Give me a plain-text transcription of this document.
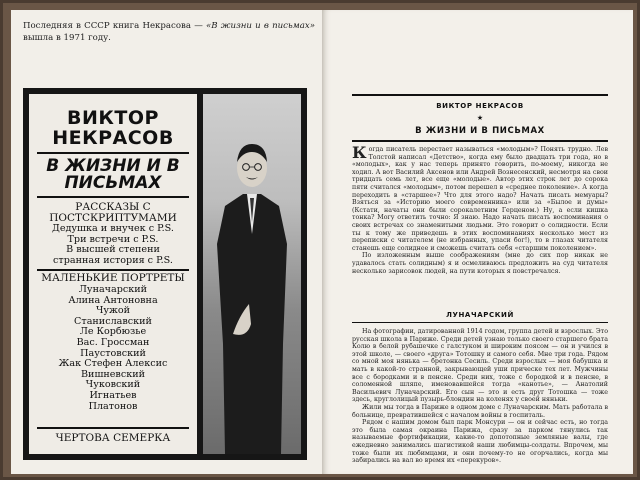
Последняя в СССР книга Некрасова — «В жизни и в письмах» вышла в 1971 году.
ВИКТОР НЕКРАСОВ
В ЖИЗНИ И В ПИСЬМАХ
РАССКАЗЫ С ПОСТСКРИПТУМАМИ
Дедушка и внучек с P.S.
Три встречи с P.S.
В высшей степени
странная история с P.S.
МАЛЕНЬКИЕ ПОРТРЕТЫ
Луначарский
Алина Антоновна
Чужой
Станиславский
Ле Корбюзье
Вас. Гроссман
Паустовский
Жак Стефен Алексис
Вишневский
Чуковский
Игнатьев
Платонов
ЧЕРТОВА СЕМЕРКА
ВИКТОР НЕКРАСОВ
★
В ЖИЗНИ И В ПИСЬМАХ
К огда писатель перестает называться «молодым»? Понять трудно. Лев Толстой написал «Детство», когда ему было двадцать три года, но в «молодых», как у нас теперь принято говорить, по-моему, никогда не ходил. А вот Василий Аксенов или Андрей Вознесенский, несмотря на свои тридцать семь лет, все еще «молодые». Автор этих строк лет до сорока пяти считался «молодым», потом перешел в «среднее поколение». А когда переходить в «старшее»? Что для этого надо? Начать писать мемуары? Взяться за «Историю моего современника» или за «Былое и думы» (Кстати, начаты они были сорокалетним Герценом.) Ну, а если кишка тонка? Могу ответить точно: Я знаю. Надо начать писать воспоминания о своих встречах со знаменитыми людьми. Это говорит о солидности. Если ты к тому же приведешь в этих воспоминаниях несколько мест из переписки с читателем (не избранных, упаси бог!), то в глазах читателя станешь еще солиднее и сможешь считать себя «старшим поколением».

По изложенным выше соображениям (мне до сих пор никак не удавалось стать солидным) я и осмеливаюсь предложить на суд читателя несколько зарисовок людей, на пути которых я повстречался.

ЛУНАЧАРСКИЙ

На фотографии, датированной 1914 годом, группа детей и взрослых. Это русская школа в Париже. Среди детей узнаю только своего старшего брата Колю в белой рубашечке с галстуком и широким поясом — он и учился в этой школе, — своего «друга» Тотошку и самого себя. Мне три года. Рядом со мной моя нянька — бретонка Сесиль. Среди взрослых — моя бабушка и мать в какой-то странной, закрывающей уши прическе тех лет. Мужчины все с бородками и в пенсне. Среди них, тоже с бородкой и в пенсне, в соломенной шляпе, именовавшейся тогда «канотье», — Анатолий Васильевич Луначарский. Его сын — это и есть друг Тотошка — тоже здесь, круглолицый пузырь-блондин на коленях у своей няньки.

Жили мы тогда в Париже в одном доме с Луначарским. Мать работала в больнице, превратившейся с началом войны в госпиталь.

Рядом с нашим домом был парк Монсури — он и сейчас есть, но тогда это была самая окраина Парижа, сразу за парком тянулись так называемые фортификации, какие-то допотопные земляные валы, где ежедневно занимались шагистикой наши любимцы-солдаты. Впрочем, мы тоже были их любимцами, и они почему-то не огорчались, когда мы забирались на вал во время их «перекуров».
